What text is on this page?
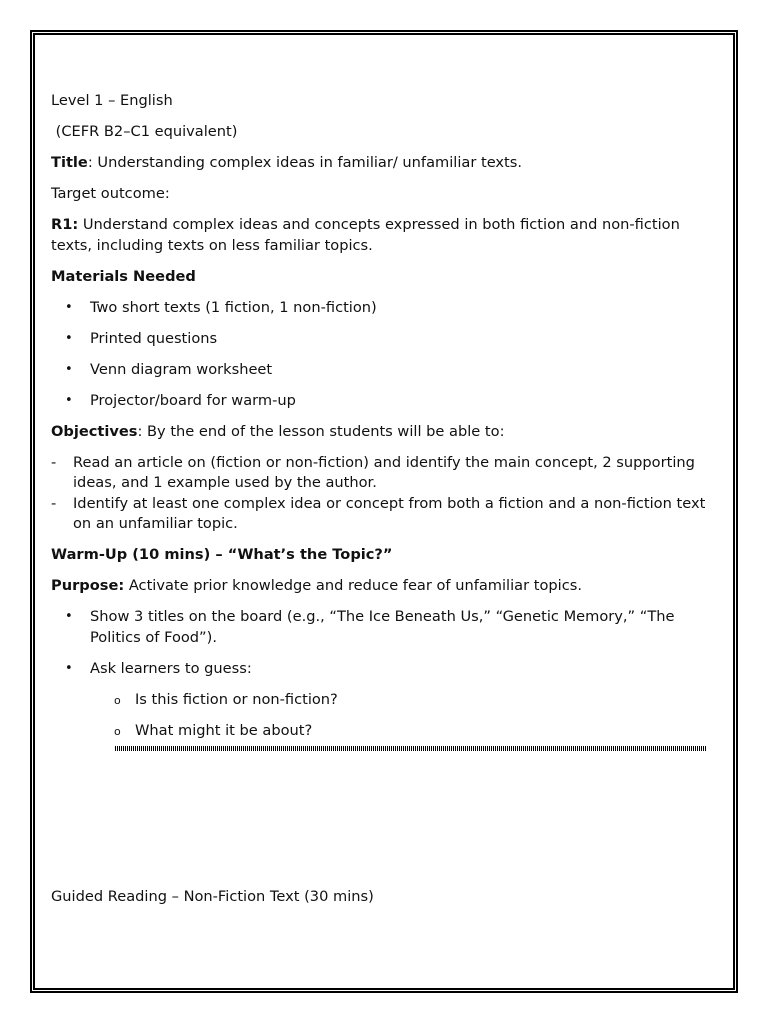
Level 1 – English

(CEFR B2–C1 equivalent)

Title: Understanding complex ideas in familiar/ unfamiliar texts.

Target outcome:

R1: Understand complex ideas and concepts expressed in both fiction and non-fiction texts, including texts on less familiar topics.

Materials Needed

• Two short texts (1 fiction, 1 non-fiction)
• Printed questions
• Venn diagram worksheet
• Projector/board for warm-up

Objectives: By the end of the lesson students will be able to:

- Read an article on (fiction or non-fiction) and identify the main concept, 2 supporting ideas, and 1 example used by the author.
- Identify at least one complex idea or concept from both a fiction and a non-fiction text on an unfamiliar topic.

Warm-Up (10 mins) – “What’s the Topic?”

Purpose: Activate prior knowledge and reduce fear of unfamiliar topics.

• Show 3 titles on the board (e.g., “The Ice Beneath Us,” “Genetic Memory,” “The Politics of Food”).
• Ask learners to guess:
o Is this fiction or non-fiction?
o What might it be about?

Guided Reading – Non-Fiction Text (30 mins)
